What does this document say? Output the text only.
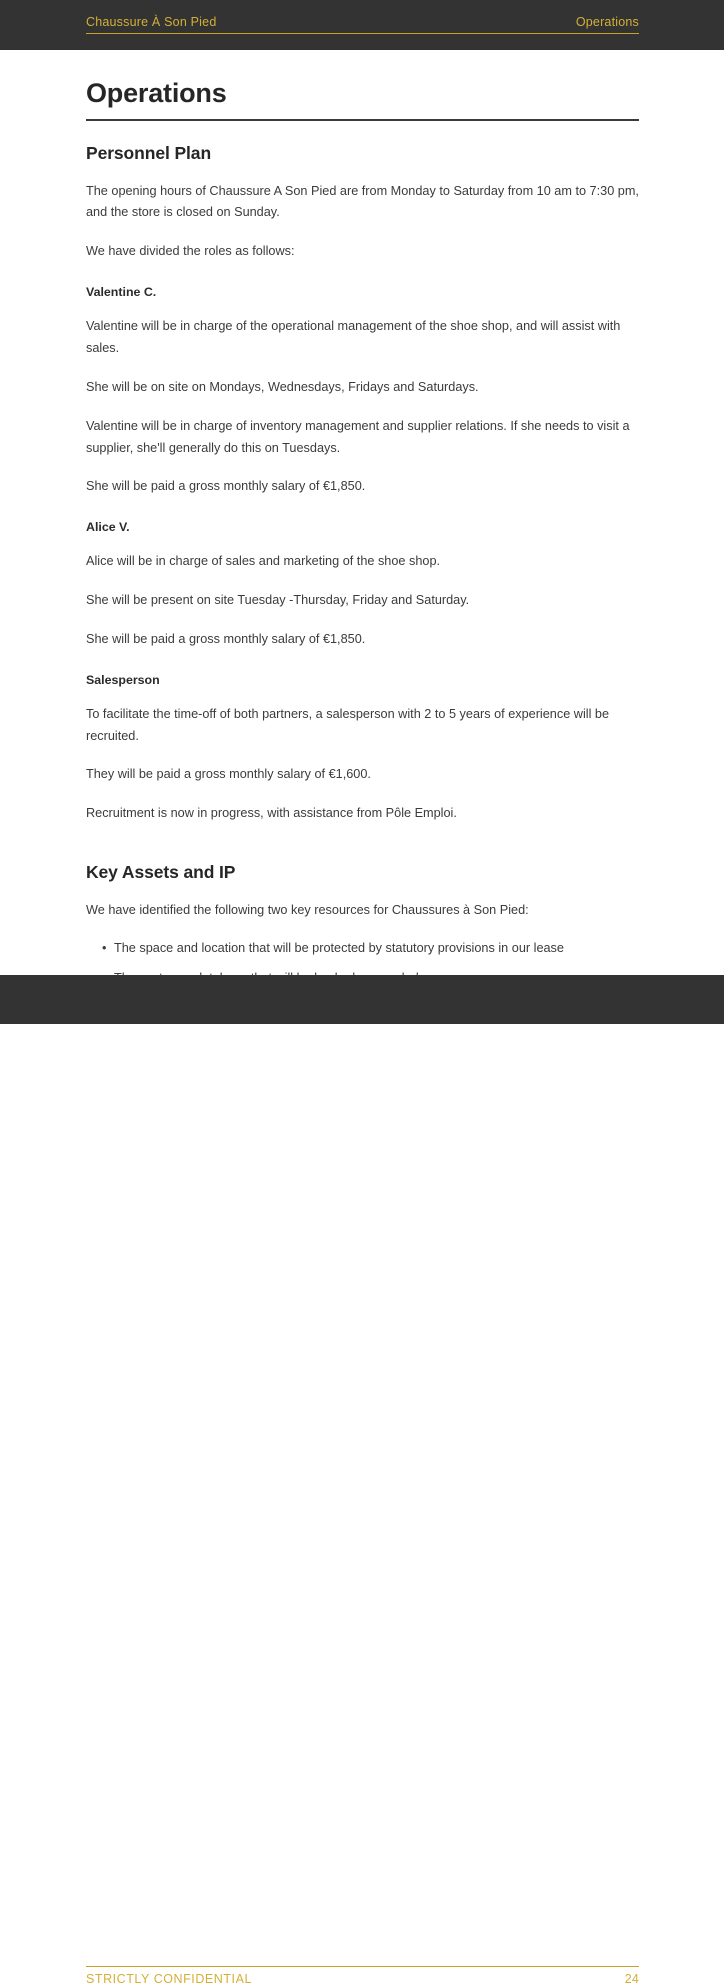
Chaussure À Son Pied	Operations
Operations
Personnel Plan

The opening hours of Chaussure A Son Pied are from Monday to Saturday from 10 am to 7:30 pm, and the store is closed on Sunday.

We have divided the roles as follows:

Valentine C.

Valentine will be in charge of the operational management of the shoe shop, and will assist with sales.

She will be on site on Mondays, Wednesdays, Fridays and Saturdays.

Valentine will be in charge of inventory management and supplier relations. If she needs to visit a supplier, she'll generally do this on Tuesdays.

She will be paid a gross monthly salary of €1,850.

Alice V.

Alice will be in charge of sales and marketing of the shoe shop.

She will be present on site Tuesday -Thursday, Friday and Saturday.

She will be paid a gross monthly salary of €1,850.

Salesperson

To facilitate the time-off of both partners, a salesperson with 2 to 5 years of experience will be recruited.

They will be paid a gross monthly salary of €1,600.

Recruitment is now in progress, with assistance from Pôle Emploi.

Key Assets and IP

We have identified the following two key resources for Chaussures à Son Pied:

• The space and location that will be protected by statutory provisions in our lease
STRICTLY CONFIDENTIAL	24
